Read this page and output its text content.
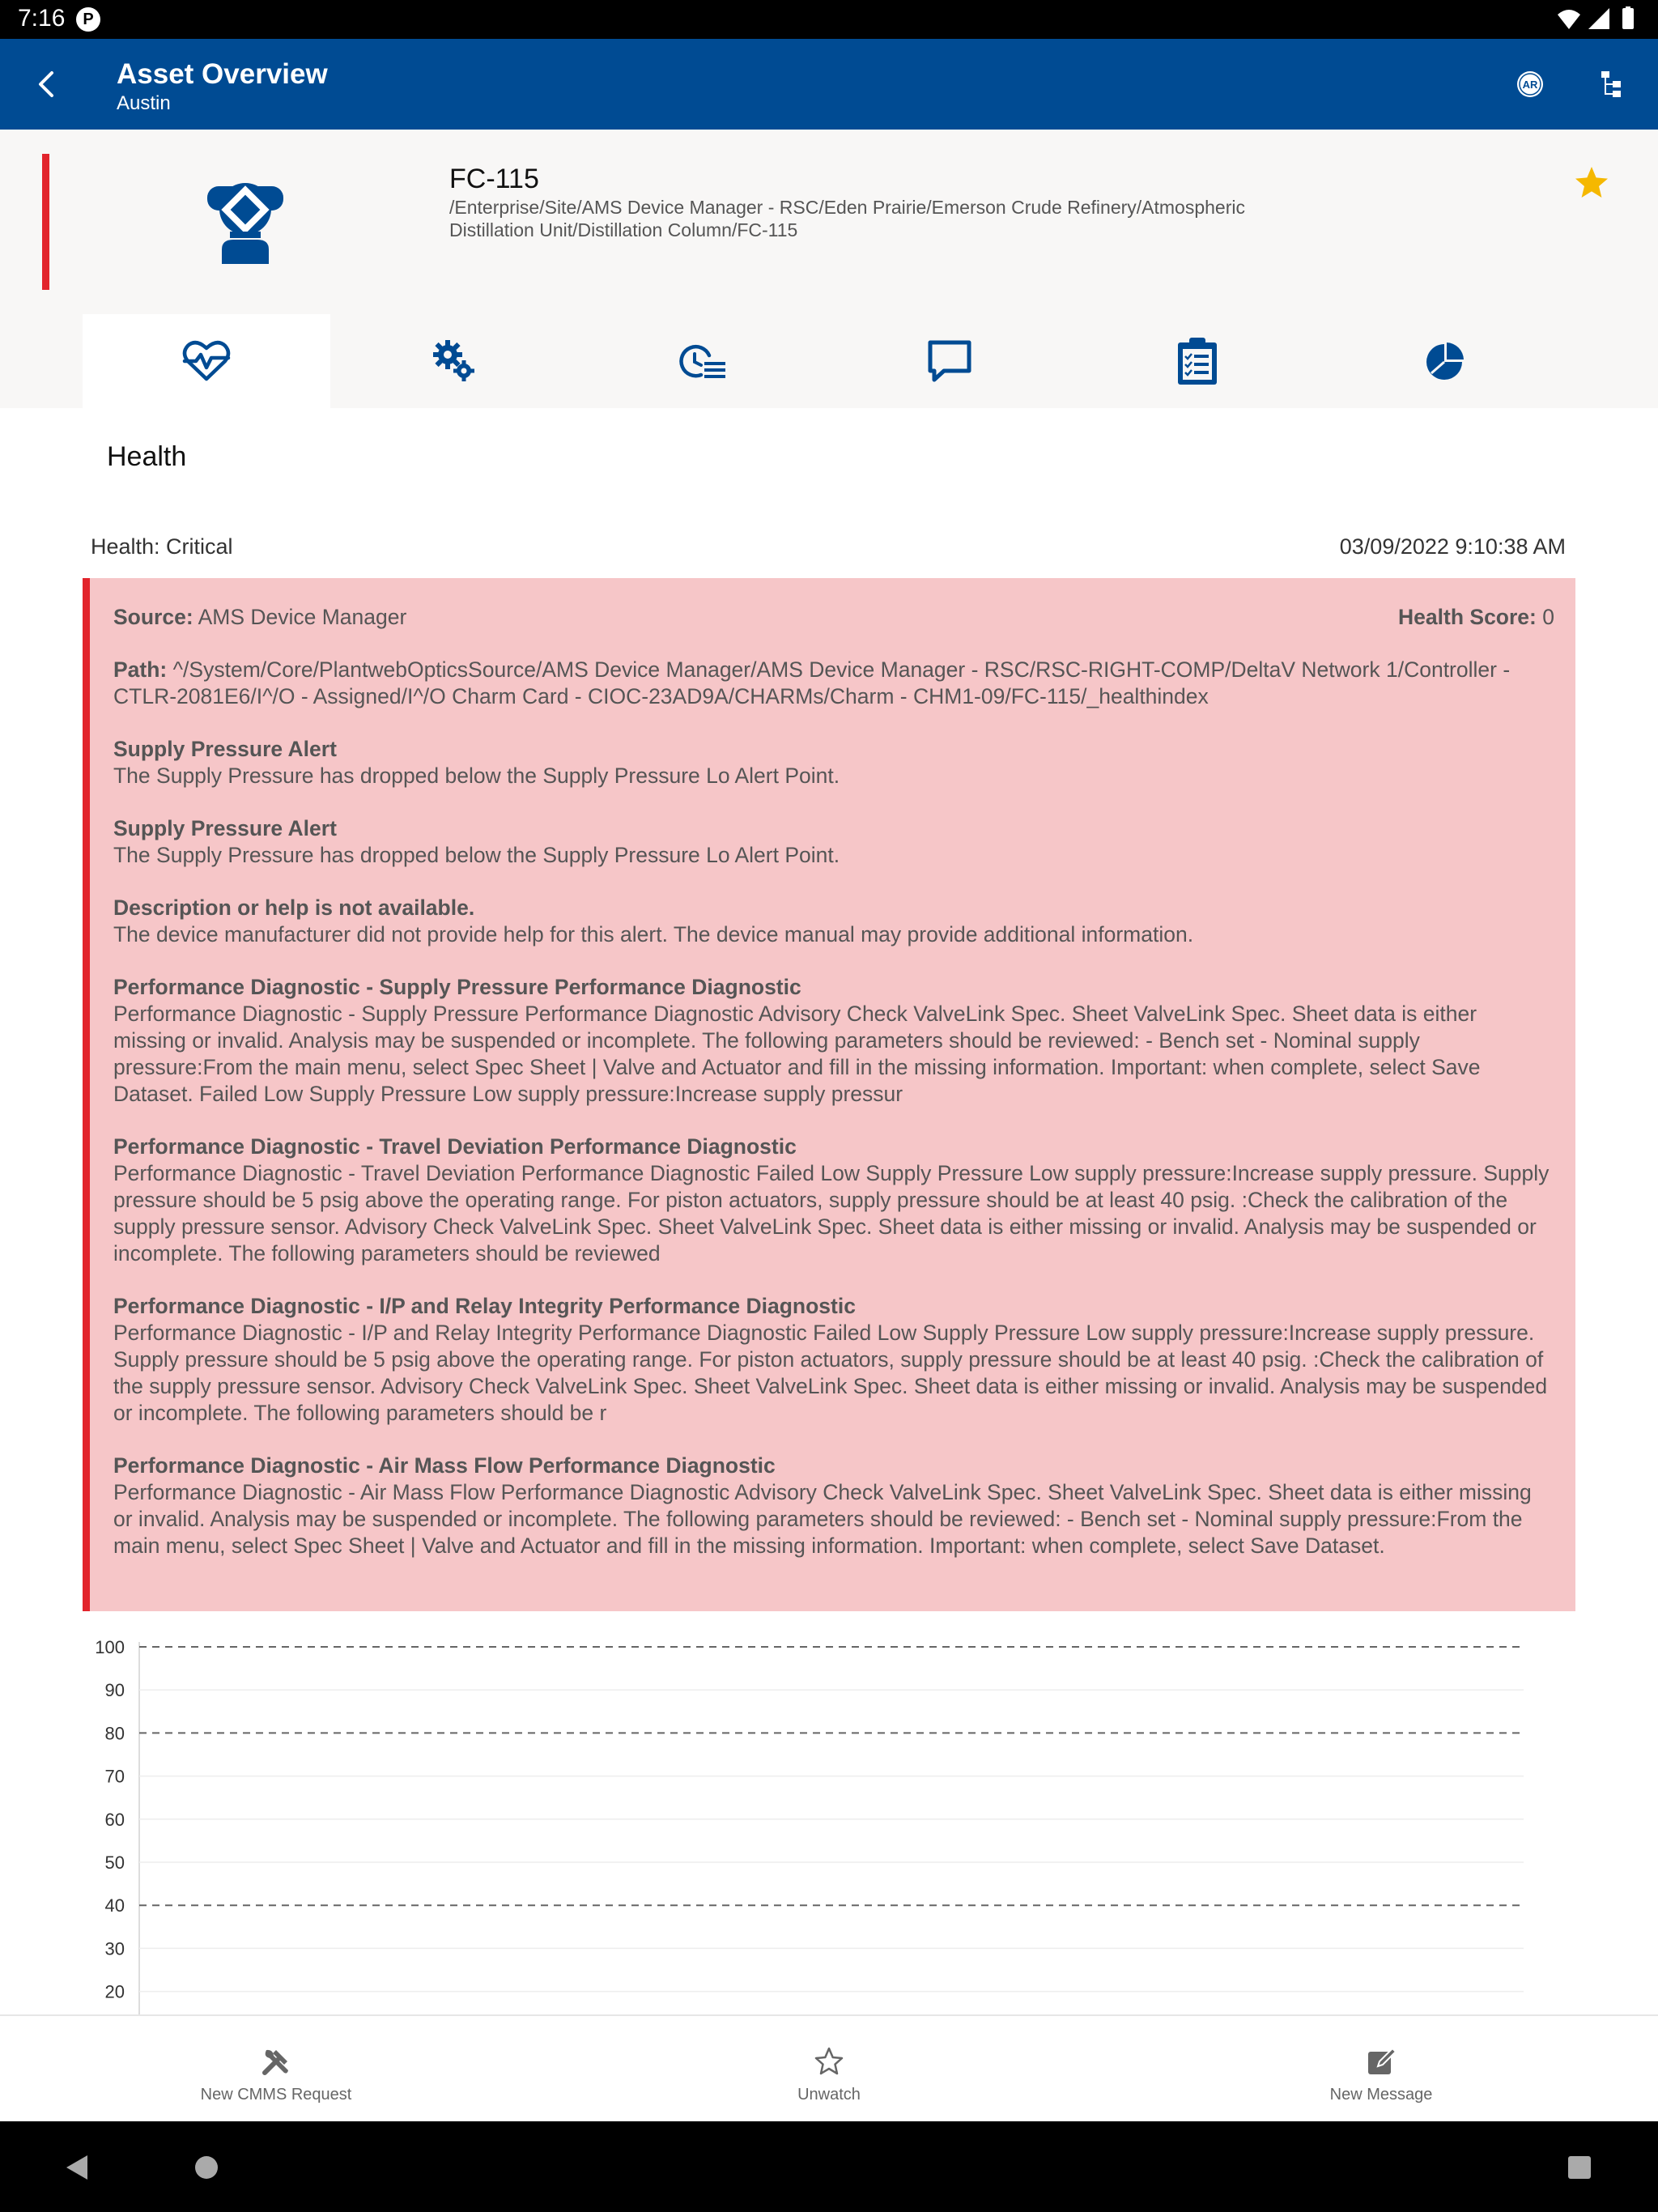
7:16	P
Asset Overview
Austin
AR
FC-115
/Enterprise/Site/AMS Device Manager - RSC/Eden Prairie/Emerson Crude Refinery/Atmospheric Distillation Unit/Distillation Column/FC-115
Health
Health: Critical	03/09/2022 9:10:38 AM
Source: AMS Device Manager	Health Score: 0
Path: ^/System/Core/PlantwebOpticsSource/AMS Device Manager/AMS Device Manager - RSC/RSC-RIGHT-COMP/DeltaV Network 1/Controller - CTLR-2081E6/I^/O - Assigned/I^/O Charm Card - CIOC-23AD9A/CHARMs/Charm - CHM1-09/FC-115/_healthindex
Supply Pressure Alert
The Supply Pressure has dropped below the Supply Pressure Lo Alert Point.
Supply Pressure Alert
The Supply Pressure has dropped below the Supply Pressure Lo Alert Point.
Description or help is not available.
The device manufacturer did not provide help for this alert. The device manual may provide additional information.
Performance Diagnostic - Supply Pressure Performance Diagnostic
Performance Diagnostic - Supply Pressure Performance Diagnostic Advisory Check ValveLink Spec. Sheet ValveLink Spec. Sheet data is either missing or invalid. Analysis may be suspended or incomplete. The following parameters should be reviewed: - Bench set - Nominal supply pressure:From the main menu, select Spec Sheet | Valve and Actuator and fill in the missing information. Important: when complete, select Save Dataset. Failed Low Supply Pressure Low supply pressure:Increase supply pressur
Performance Diagnostic - Travel Deviation Performance Diagnostic
Performance Diagnostic - Travel Deviation Performance Diagnostic Failed Low Supply Pressure Low supply pressure:Increase supply pressure. Supply pressure should be 5 psig above the operating range. For piston actuators, supply pressure should be at least 40 psig. :Check the calibration of the supply pressure sensor. Advisory Check ValveLink Spec. Sheet ValveLink Spec. Sheet data is either missing or invalid. Analysis may be suspended or incomplete. The following parameters should be reviewed
Performance Diagnostic - I/P and Relay Integrity Performance Diagnostic
Performance Diagnostic - I/P and Relay Integrity Performance Diagnostic Failed Low Supply Pressure Low supply pressure:Increase supply pressure. Supply pressure should be 5 psig above the operating range. For piston actuators, supply pressure should be at least 40 psig. :Check the calibration of the supply pressure sensor. Advisory Check ValveLink Spec. Sheet ValveLink Spec. Sheet data is either missing or invalid. Analysis may be suspended or incomplete. The following parameters should be r
Performance Diagnostic - Air Mass Flow Performance Diagnostic
Performance Diagnostic - Air Mass Flow Performance Diagnostic Advisory Check ValveLink Spec. Sheet ValveLink Spec. Sheet data is either missing or invalid. Analysis may be suspended or incomplete. The following parameters should be reviewed: - Bench set - Nominal supply pressure:From the main menu, select Spec Sheet | Valve and Actuator and fill in the missing information. Important: when complete, select Save Dataset.
100
90
80
70
60
50
40
30
20
New CMMS Request	Unwatch	New Message
